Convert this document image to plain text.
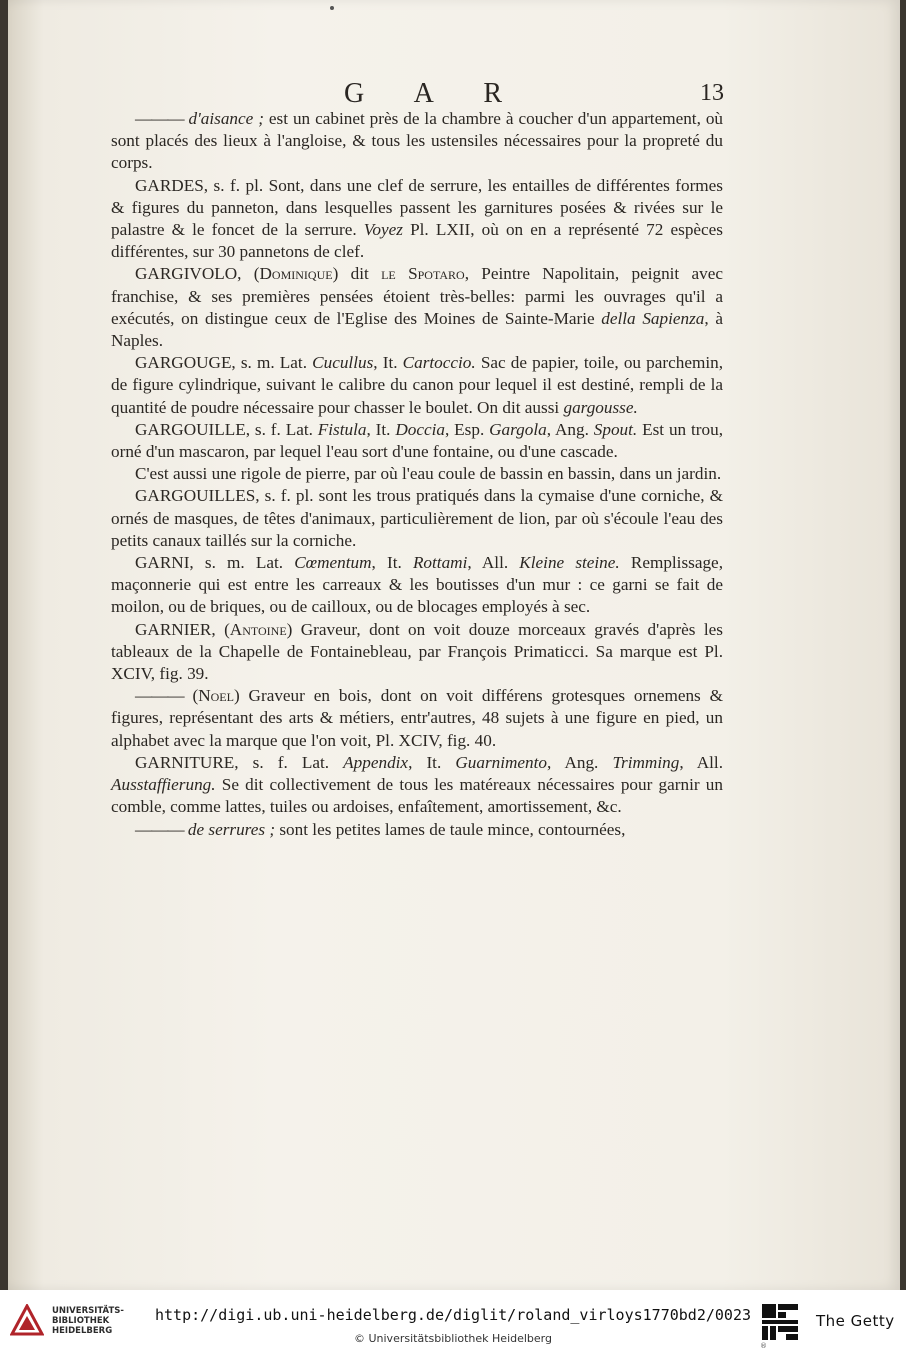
G A R	13

——— d'aisance ; est un cabinet près de la chambre à coucher d'un appartement, où sont placés des lieux à l'angloise, & tous les ustensiles nécessaires pour la propreté du corps.

GARDES, s. f. pl. Sont, dans une clef de serrure, les entailles de différentes formes & figures du panneton, dans lesquelles passent les garnitures posées & rivées sur le palastre & le foncet de la serrure. Voyez Pl. LXII, où on en a représenté 72 espèces différentes, sur 30 pannetons de clef.

GARGIVOLO, (Dominique) dit le Spotaro, Peintre Napolitain, peignit avec franchise, & ses premières pensées étoient très-belles: parmi les ouvrages qu'il a exécutés, on distingue ceux de l'Eglise des Moines de Sainte-Marie della Sapienza, à Naples.

GARGOUGE, s. m. Lat. Cucullus, It. Cartoccio. Sac de papier, toile, ou parchemin, de figure cylindrique, suivant le calibre du canon pour lequel il est destiné, rempli de la quantité de poudre nécessaire pour chasser le boulet. On dit aussi gargousse.

GARGOUILLE, s. f. Lat. Fistula, It. Doccia, Esp. Gargola, Ang. Spout. Est un trou, orné d'un mascaron, par lequel l'eau sort d'une fontaine, ou d'une cascade.

C'est aussi une rigole de pierre, par où l'eau coule de bassin en bassin, dans un jardin.

GARGOUILLES, s. f. pl. sont les trous pratiqués dans la cymaise d'une corniche, & ornés de masques, de têtes d'animaux, particulièrement de lion, par où s'écoule l'eau des petits canaux taillés sur la corniche.

GARNI, s. m. Lat. Cœmentum, It. Rottami, All. Kleine steine. Remplissage, maçonnerie qui est entre les carreaux & les boutisses d'un mur : ce garni se fait de moilon, ou de briques, ou de cailloux, ou de blocages employés à sec.

GARNIER, (Antoine) Graveur, dont on voit douze morceaux gravés d'après les tableaux de la Chapelle de Fontainebleau, par François Primaticci. Sa marque est Pl. XCIV, fig. 39.

——— (Noel) Graveur en bois, dont on voit différens grotesques ornemens & figures, représentant des arts & métiers, entr'autres, 48 sujets à une figure en pied, un alphabet avec la marque que l'on voit, Pl. XCIV, fig. 40.

GARNITURE, s. f. Lat. Appendix, It. Guarnimento, Ang. Trimming, All. Ausstaffierung. Se dit collectivement de tous les matéreaux nécessaires pour garnir un comble, comme lattes, tuiles ou ardoises, enfaîtement, amortissement, &c.

——— de serrures ; sont les petites lames de taule mince, contournées,

UNIVERSITÄTS-
BIBLIOTHEK
HEIDELBERG
http://digi.ub.uni-heidelberg.de/diglit/roland_virloys1770bd2/0023
© Universitätsbibliothek Heidelberg
®
The Getty
